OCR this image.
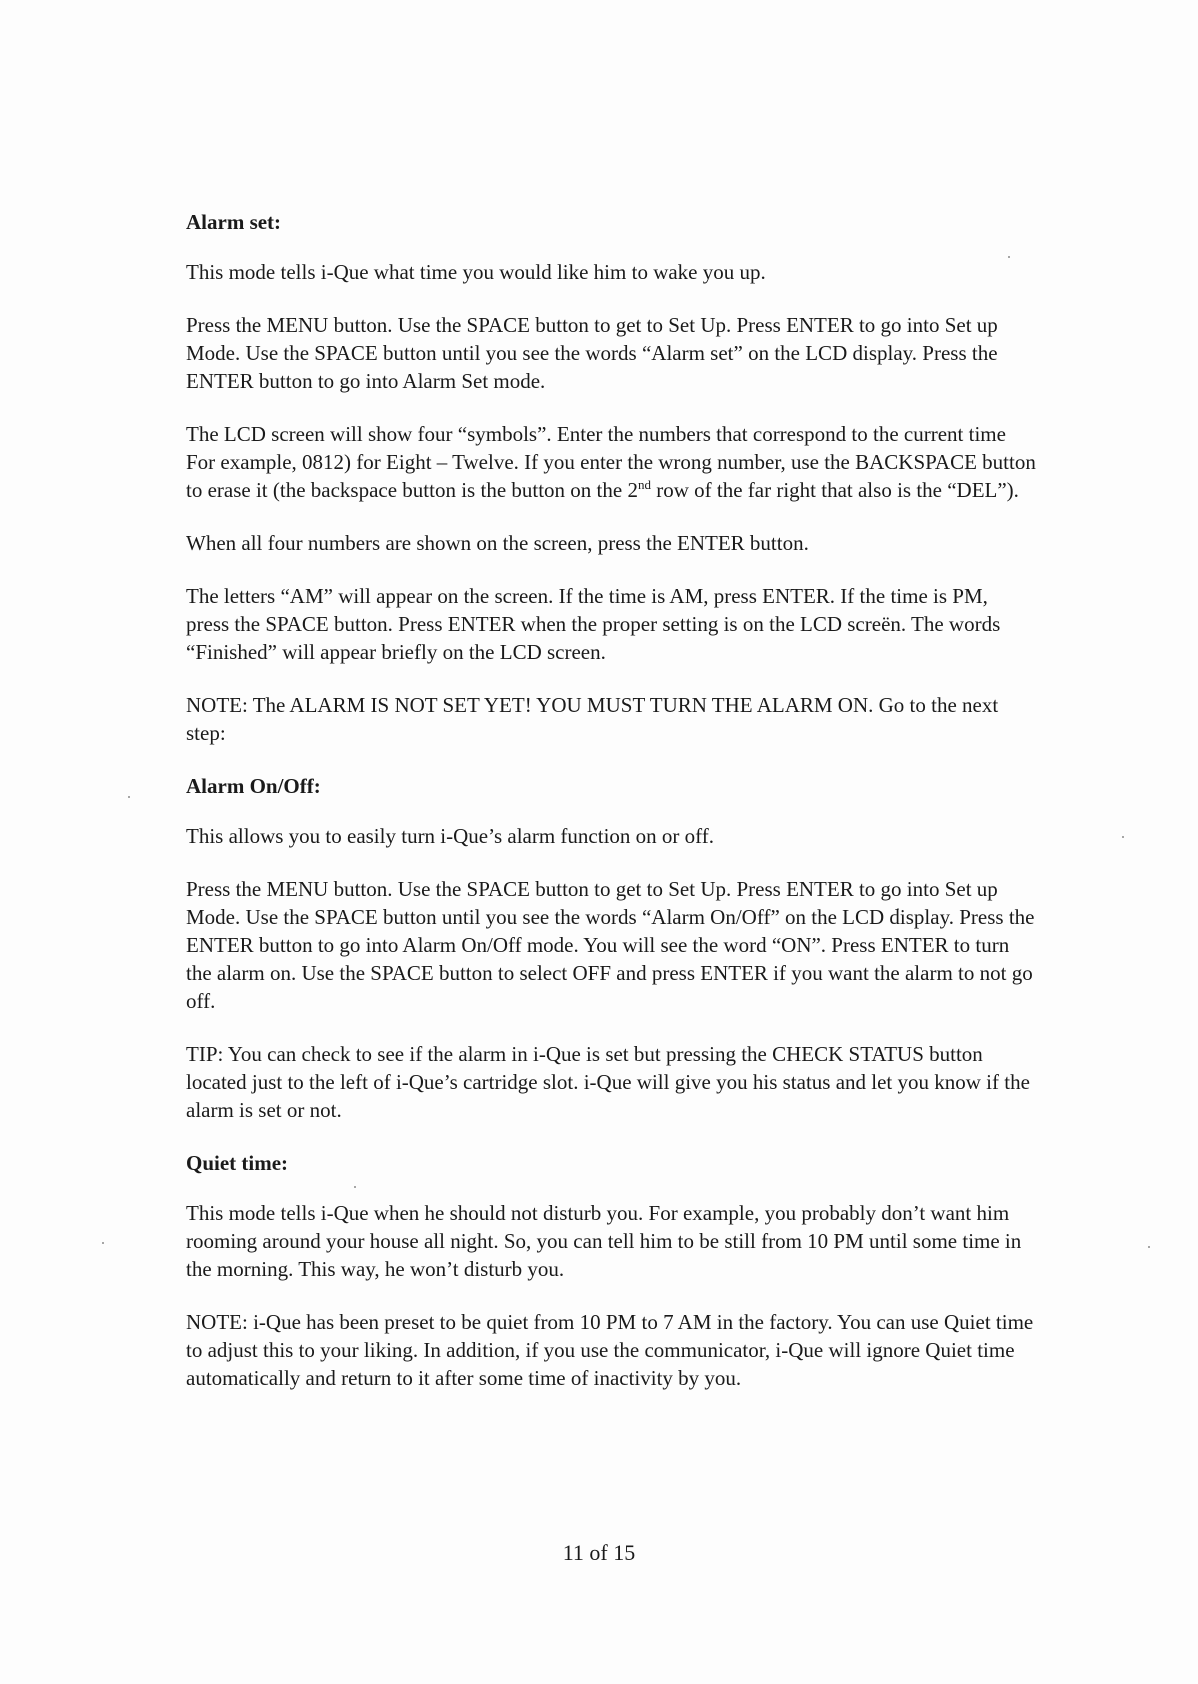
Alarm set:

This mode tells i-Que what time you would like him to wake you up.

Press the MENU button. Use the SPACE button to get to Set Up. Press ENTER to go into Set up Mode. Use the SPACE button until you see the words “Alarm set” on the LCD display. Press the ENTER button to go into Alarm Set mode.

The LCD screen will show four “symbols”. Enter the numbers that correspond to the current time For example, 0812) for Eight – Twelve. If you enter the wrong number, use the BACKSPACE button to erase it (the backspace button is the button on the 2nd row of the far right that also is the “DEL”).

When all four numbers are shown on the screen, press the ENTER button.

The letters “AM” will appear on the screen. If the time is AM, press ENTER. If the time is PM, press the SPACE button. Press ENTER when the proper setting is on the LCD screën. The words “Finished” will appear briefly on the LCD screen.

NOTE: The ALARM IS NOT SET YET! YOU MUST TURN THE ALARM ON. Go to the next step:

Alarm On/Off:

This allows you to easily turn i-Que’s alarm function on or off.

Press the MENU button. Use the SPACE button to get to Set Up. Press ENTER to go into Set up Mode. Use the SPACE button until you see the words “Alarm On/Off” on the LCD display. Press the ENTER button to go into Alarm On/Off mode. You will see the word “ON”. Press ENTER to turn the alarm on. Use the SPACE button to select OFF and press ENTER if you want the alarm to not go off.

TIP: You can check to see if the alarm in i-Que is set but pressing the CHECK STATUS button located just to the left of i-Que’s cartridge slot. i-Que will give you his status and let you know if the alarm is set or not.

Quiet time:

This mode tells i-Que when he should not disturb you. For example, you probably don’t want him rooming around your house all night. So, you can tell him to be still from 10 PM until some time in the morning. This way, he won’t disturb you.

NOTE: i-Que has been preset to be quiet from 10 PM to 7 AM in the factory. You can use Quiet time to adjust this to your liking. In addition, if you use the communicator, i-Que will ignore Quiet time automatically and return to it after some time of inactivity by you.

11 of 15
